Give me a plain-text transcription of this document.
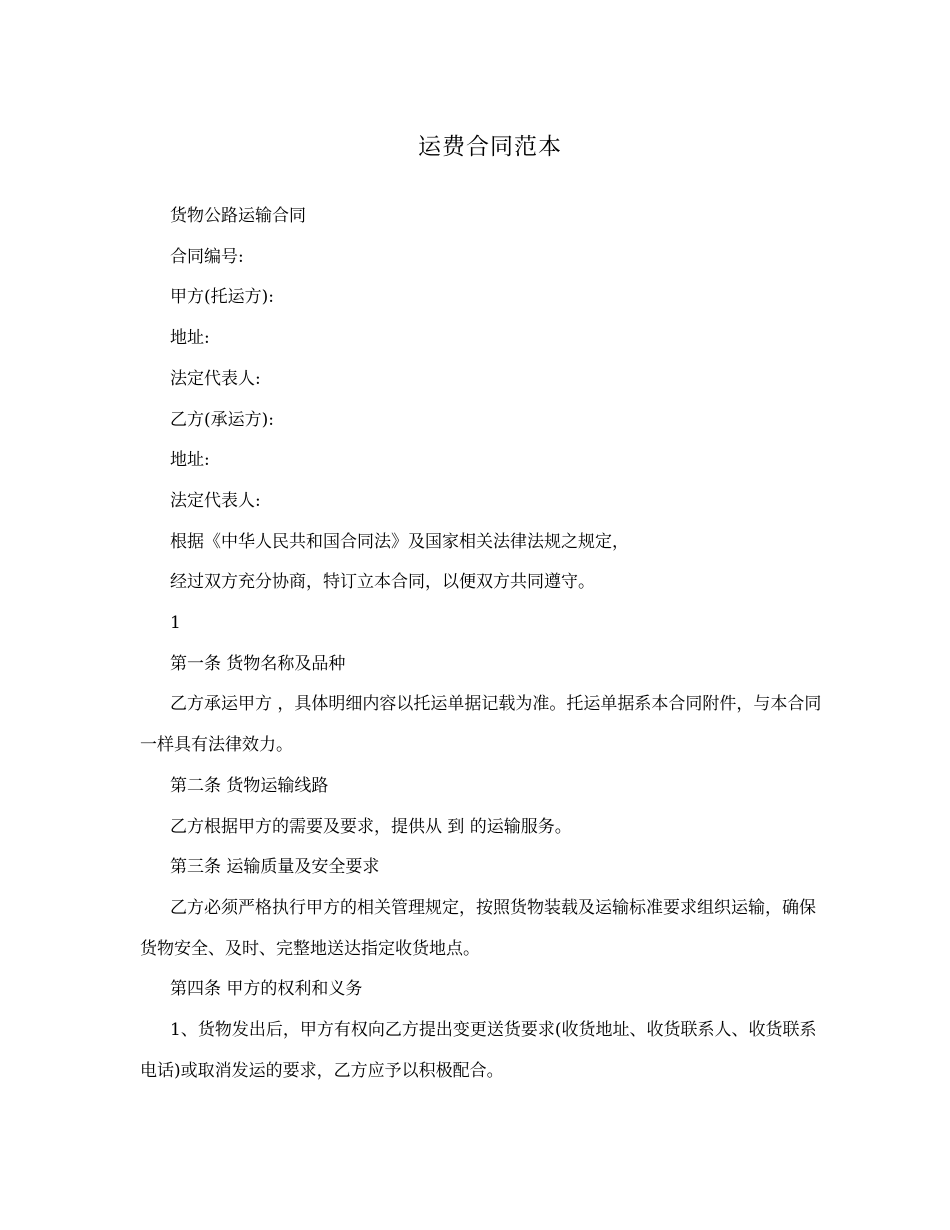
运费合同范本

货物公路运输合同

合同编号:

甲方(托运方):

地址:

法定代表人:

乙方(承运方):

地址:

法定代表人:

根据《中华人民共和国合同法》及国家相关法律法规之规定，

经过双方充分协商，特订立本合同，以便双方共同遵守。

1

第一条 货物名称及品种

乙方承运甲方 ，具体明细内容以托运单据记载为准。托运单据系本合同附件，与本合同一样具有法律效力。

第二条 货物运输线路

乙方根据甲方的需要及要求，提供从 到 的运输服务。

第三条 运输质量及安全要求

乙方必须严格执行甲方的相关管理规定，按照货物装载及运输标准要求组织运输，确保货物安全、及时、完整地送达指定收货地点。

第四条 甲方的权利和义务

1、货物发出后，甲方有权向乙方提出变更送货要求(收货地址、收货联系人、收货联系电话)或取消发运的要求，乙方应予以积极配合。
